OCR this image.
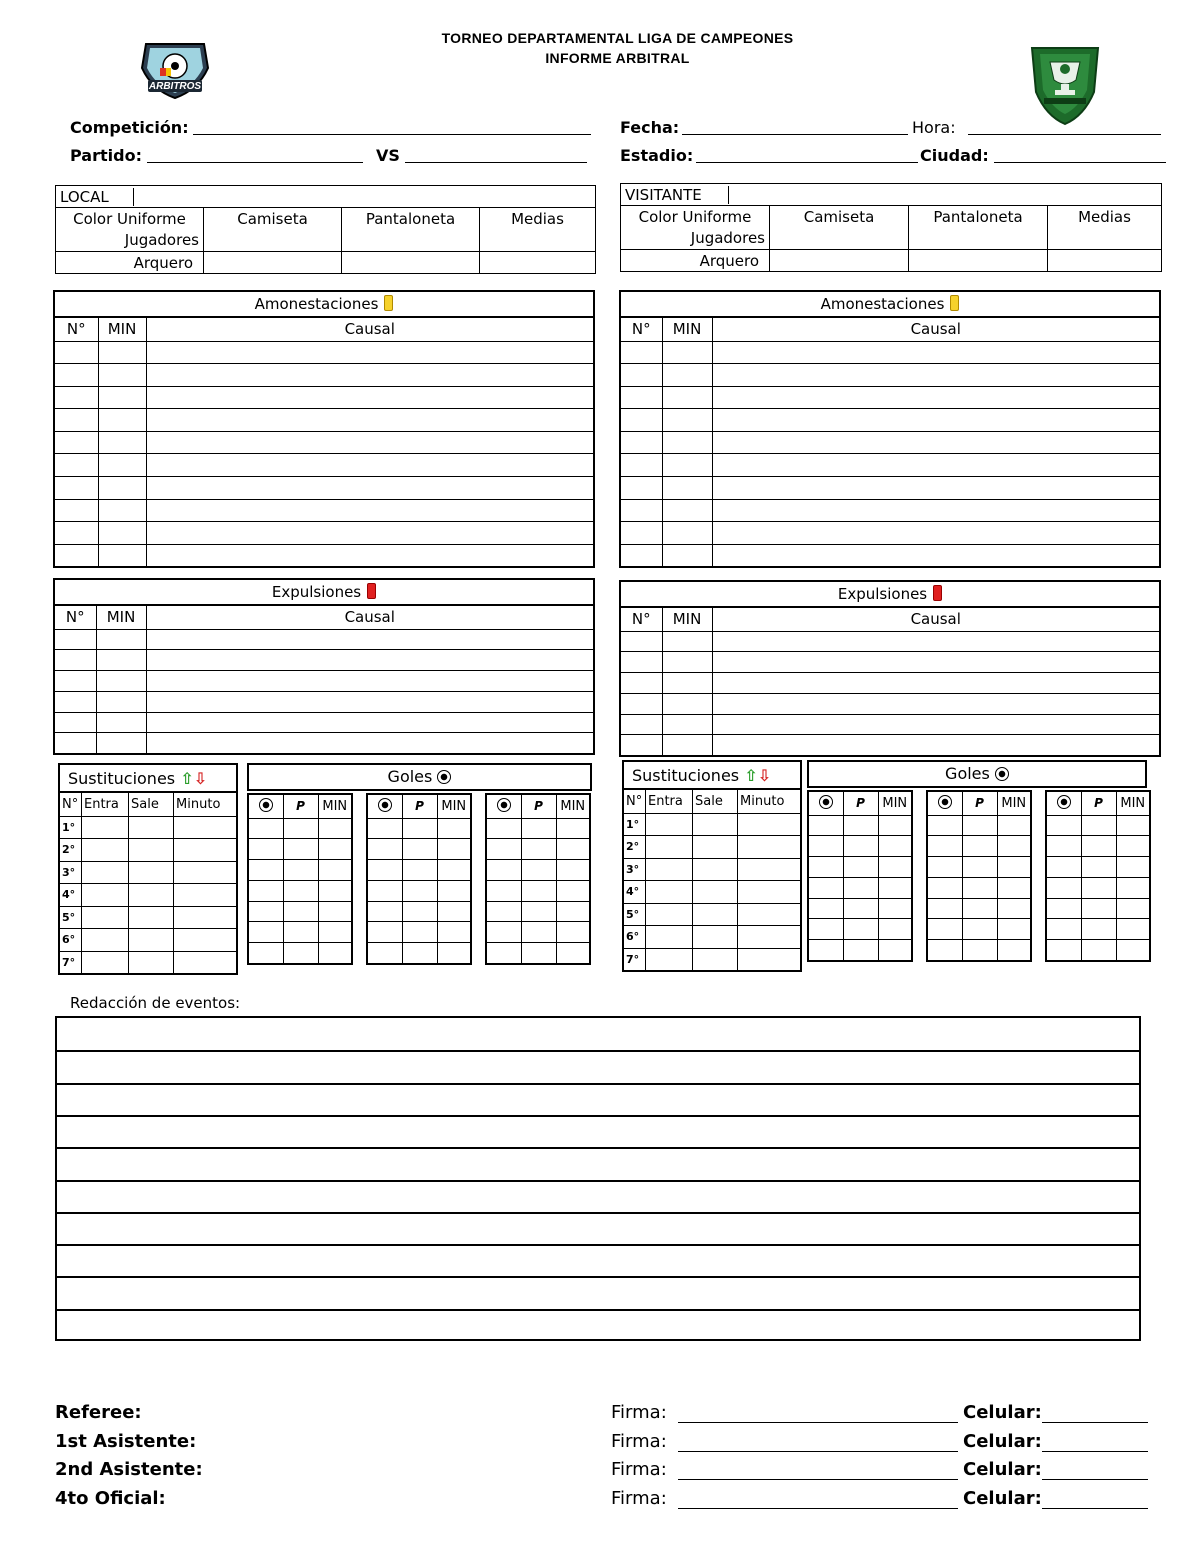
TORNEO DEPARTAMENTAL LIGA DE CAMPEONES
INFORME ARBITRAL
ARBITROS
Competición:	Fecha:	Hora:
Partido:	VS	Estadio:	Ciudad:
LOCAL			
Color Uniforme	Camiseta	Pantaloneta	Medias
Jugadores			
Arquero			
VISITANTE			
Color Uniforme	Camiseta	Pantaloneta	Medias
Jugadores			
Arquero			
Amonestaciones		
N°	MIN	Causal

Amonestaciones		
N°	MIN	Causal

Expulsiones		
N°	MIN	Causal

Expulsiones		
N°	MIN	Causal

Sustituciones ⇧⇩			
N°	Entra	Sale	Minuto
1°			
2°			
3°			
4°			
5°			
6°			
7°			
Goles
	P	MIN

		P	MIN

		P	MIN

Sustituciones ⇧⇩			
N°	Entra	Sale	Minuto
1°			
2°			
3°			
4°			
5°			
6°			
7°			
Goles
	P	MIN

		P	MIN

		P	MIN

Redacción de eventos:
Referee:	Firma:	Celular:
1st Asistente:	Firma:	Celular:
2nd Asistente:	Firma:	Celular:
4to Oficial:	Firma:	Celular:
